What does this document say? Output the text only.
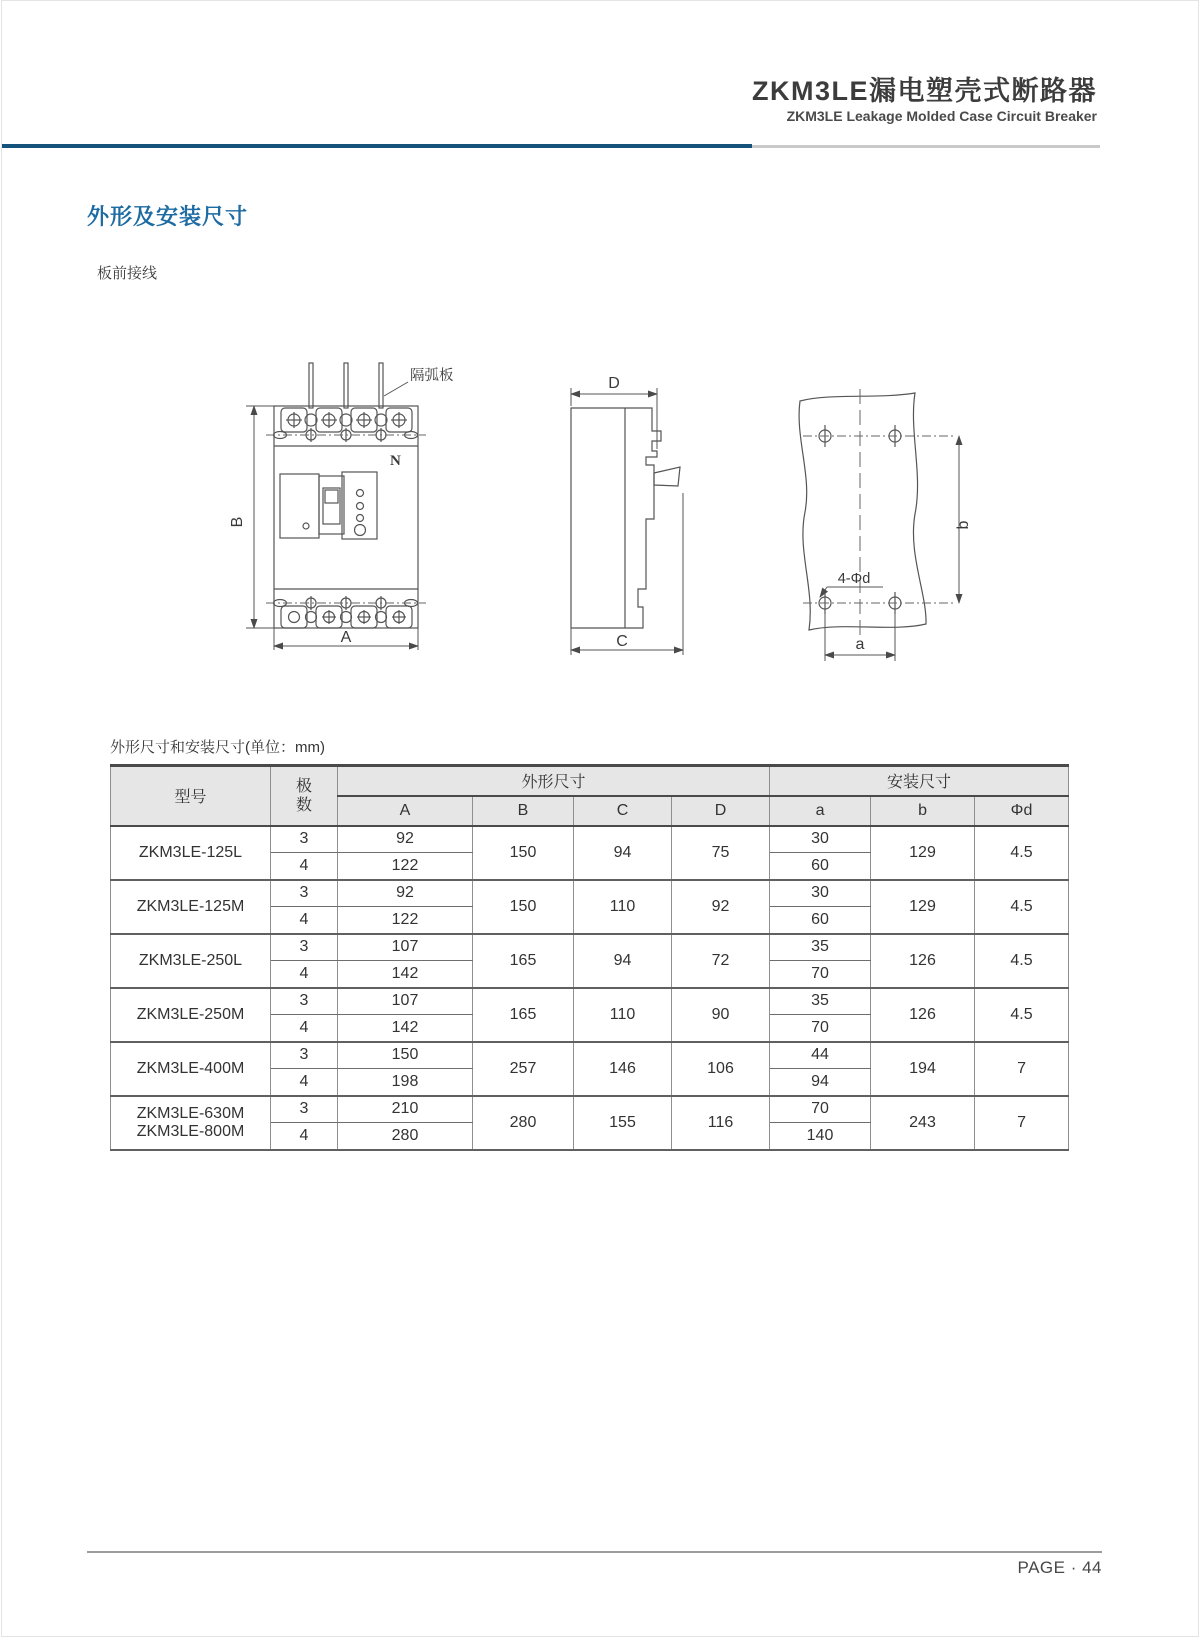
ZKM3LE漏电塑壳式断路器
ZKM3LE Leakage Molded Case Circuit Breaker
外形及安装尺寸
板前接线
B
A
隔弧板
N
D
C
b
a
4-Φd
外形尺寸和安装尺寸(单位：mm)
型号	极数	外形尺寸				安装尺寸		
		A	B	C	D	a	b	Φd

ZKM3LE-125L	3	92	150	94	75	30	129	4.5
	4	122				60		

ZKM3LE-125M	3	92	150	110	92	30	129	4.5
	4	122				60		

ZKM3LE-250L	3	107	165	94	72	35	126	4.5
	4	142				70		

ZKM3LE-250M	3	107	165	110	90	35	126	4.5
	4	142				70		

ZKM3LE-400M	3	150	257	146	106	44	194	7
	4	198				94		

ZKM3LE-630M
ZKM3LE-800M	3	210	280	155	116	70	243	7
	4	280				140		
PAGE · 44
